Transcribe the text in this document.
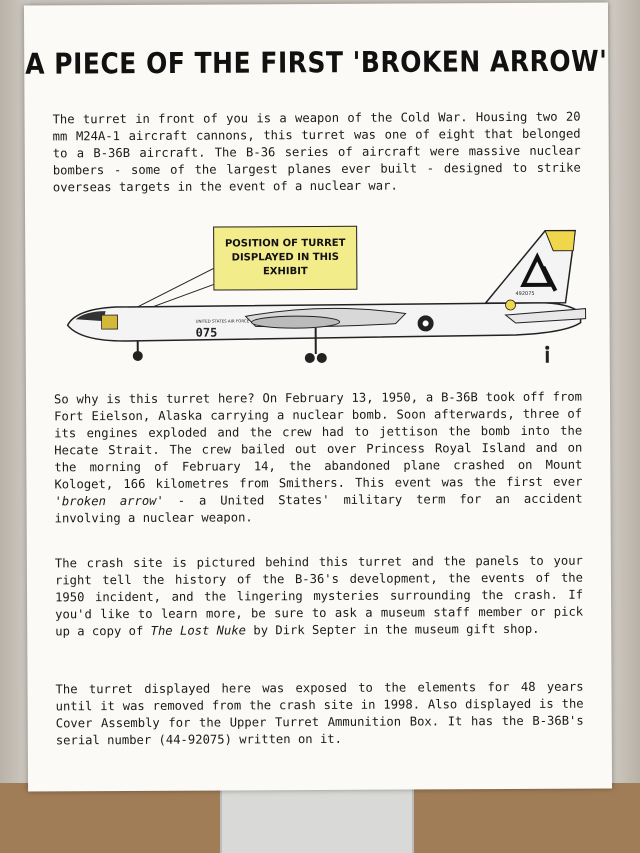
A PIECE OF THE FIRST 'BROKEN ARROW'
The turret in front of you is a weapon of the Cold War. Housing two 20 mm M24A-1 aircraft cannons, this turret was one of eight that belonged to a B-36B aircraft. The B-36 series of aircraft were massive nuclear bombers - some of the largest planes ever built - designed to strike overseas targets in the event of a nuclear war.
POSITION OF TURRET DISPLAYED IN THIS EXHIBIT
UNITED STATES AIR FORCE
075
492075
So why is this turret here? On February 13, 1950, a B-36B took off from Fort Eielson, Alaska carrying a nuclear bomb. Soon afterwards, three of its engines exploded and the crew had to jettison the bomb into the Hecate Strait. The crew bailed out over Princess Royal Island and on the morning of February 14, the abandoned plane crashed on Mount Kologet, 166 kilometres from Smithers. This event was the first ever 'broken arrow' - a United States' military term for an accident involving a nuclear weapon.
The crash site is pictured behind this turret and the panels to your right tell the history of the B-36's development, the events of the 1950 incident, and the lingering mysteries surrounding the crash. If you'd like to learn more, be sure to ask a museum staff member or pick up a copy of The Lost Nuke by Dirk Septer in the museum gift shop.
The turret displayed here was exposed to the elements for 48 years until it was removed from the crash site in 1998. Also displayed is the Cover Assembly for the Upper Turret Ammunition Box. It has the B-36B's serial number (44-92075) written on it.
